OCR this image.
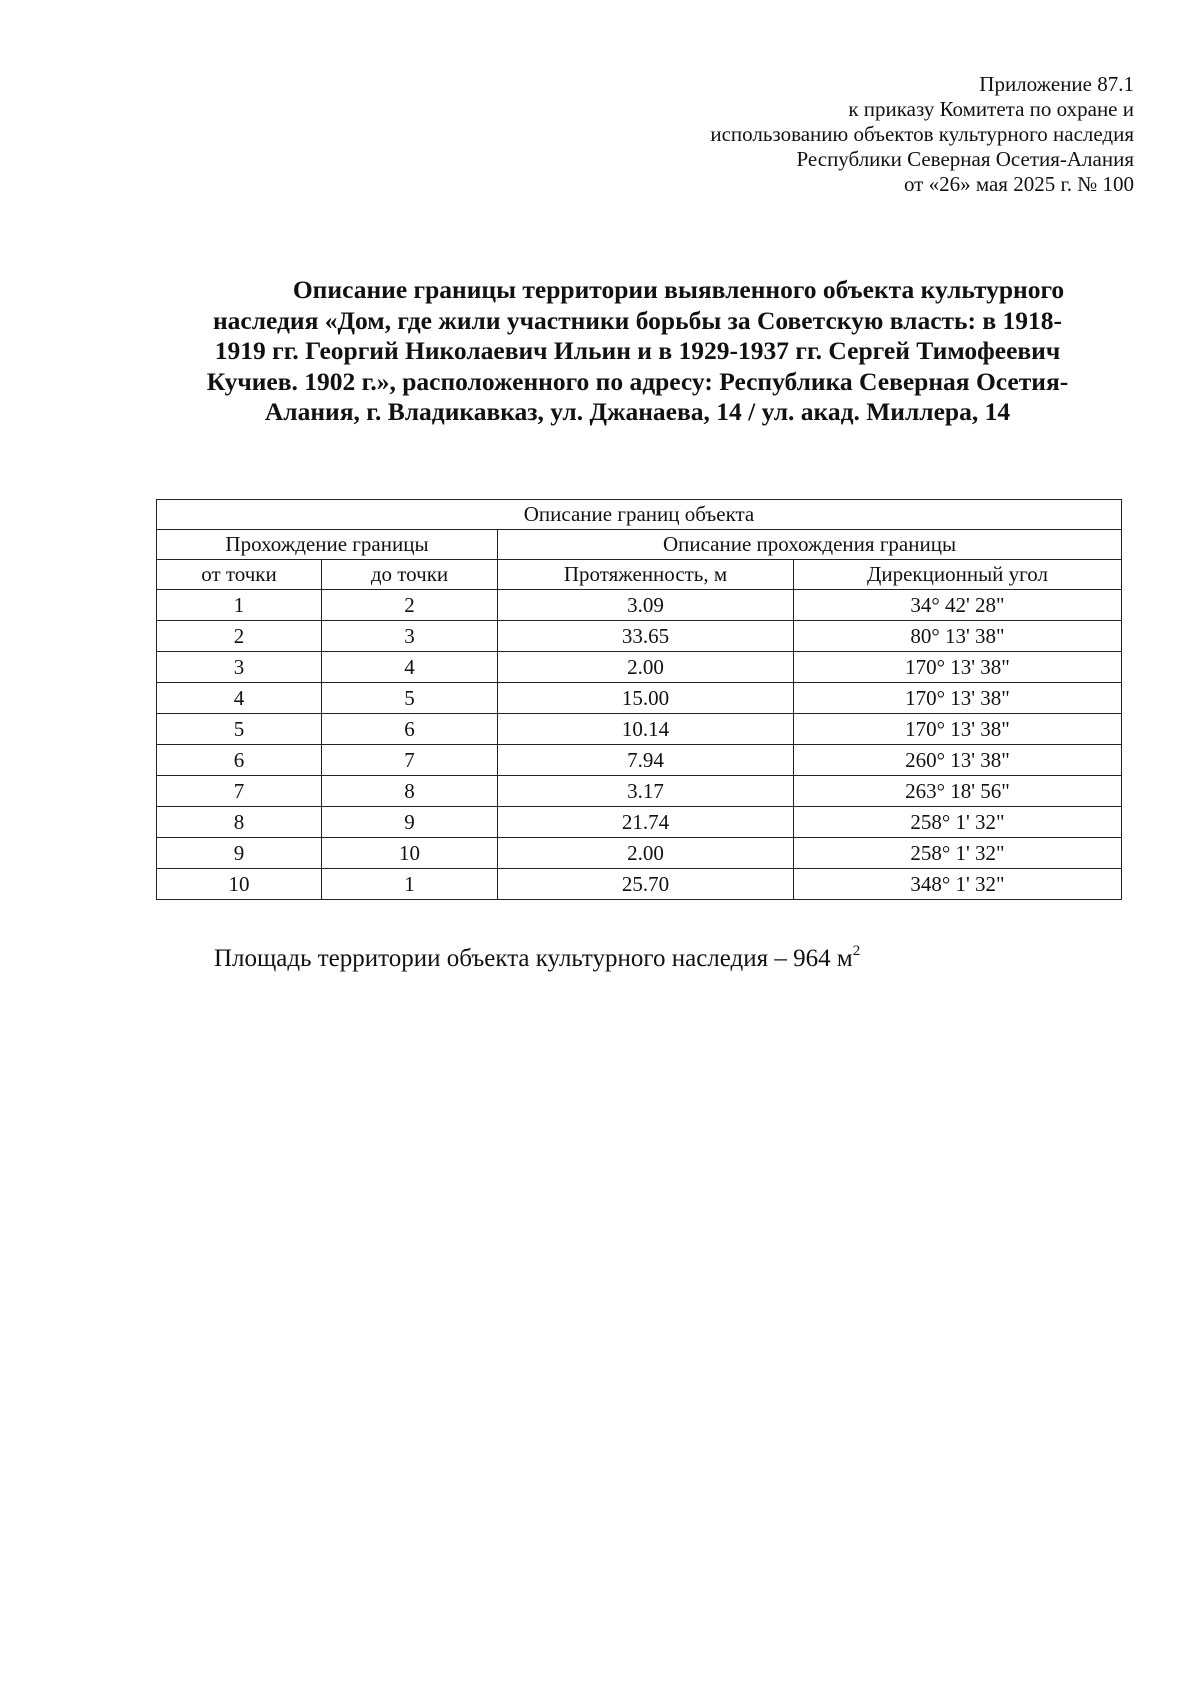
Приложение 87.1
к приказу Комитета по охране и
использованию объектов культурного наследия
Республики Северная Осетия-Алания
от «26» мая 2025 г. № 100
Описание границы территории выявленного объекта культурного
наследия «Дом, где жили участники борьбы за Советскую власть: в 1918-
1919 гг. Георгий Николаевич Ильин и в 1929-1937 гг. Сергей Тимофеевич
Кучиев. 1902 г.», расположенного по адресу: Республика Северная Осетия-
Алания, г. Владикавказ, ул. Джанаева, 14 / ул. акад. Миллера, 14
Описание границ объекта			
Прохождение границы		Описание прохождения границы	
от точки	до точки	Протяженность, м	Дирекционный угол
1	2	3.09	34° 42' 28"
2	3	33.65	80° 13' 38"
3	4	2.00	170° 13' 38"
4	5	15.00	170° 13' 38"
5	6	10.14	170° 13' 38"
6	7	7.94	260° 13' 38"
7	8	3.17	263° 18' 56"
8	9	21.74	258° 1' 32"
9	10	2.00	258° 1' 32"
10	1	25.70	348° 1' 32"
Площадь территории объекта культурного наследия – 964 $м^2$
